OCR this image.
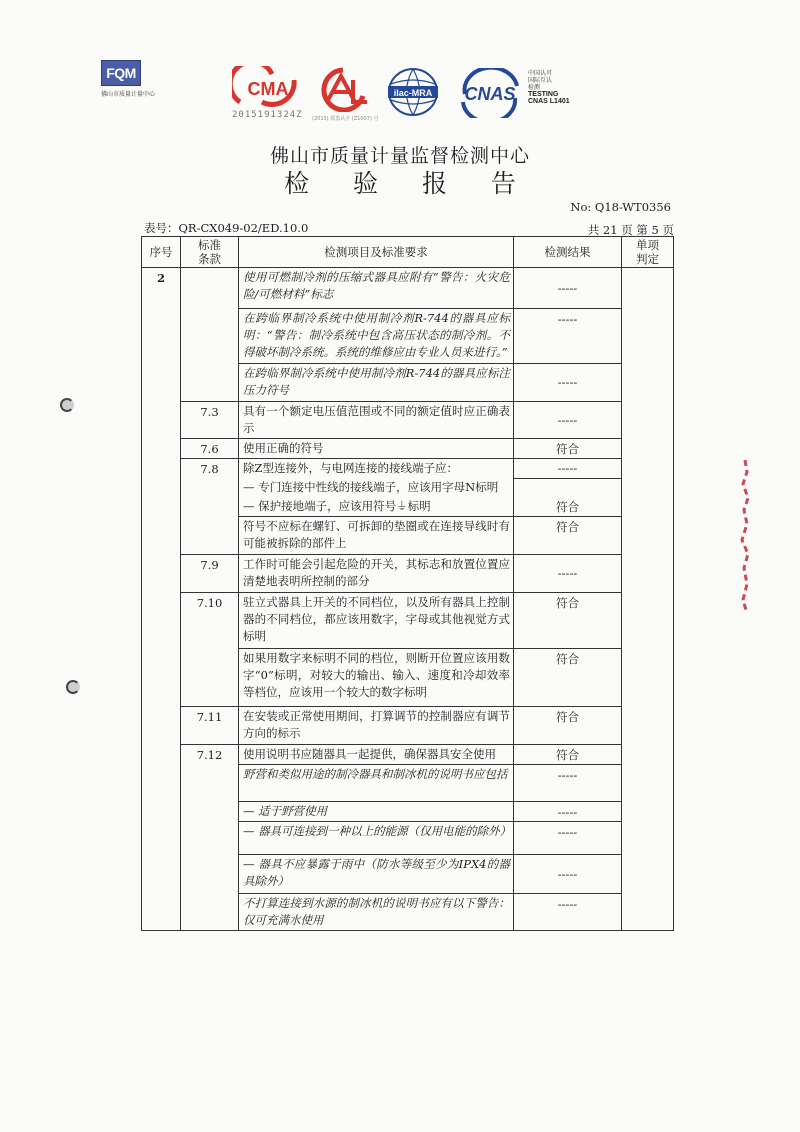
FQM
佛山市质量计量中心	CMA
2015191324Z (2015) 质监认字 (Z1007) 号
ilac-MRA CNAS
中国认可
国际互认
检测
TESTING
CNAS L1401
佛山市质量计量监督检测中心
检 验 报 告
No: Q18-WT0356
表号：QR-CX049-02/ED.10.0	共 21 页 第 5 页
序号	标准条款	检测项目及标准要求	检测结果	单项判定
2		使用可燃制冷剂的压缩式器具应附有“警告：火灾危险/可燃材料”标志	-----	
		在跨临界制冷系统中使用制冷剂R-744的器具应标明：“警告：制冷系统中包含高压状态的制冷剂。不得破坏制冷系统。系统的维修应由专业人员来进行。”	-----	
		在跨临界制冷系统中使用制冷剂R-744的器具应标注压力符号	-----	
	7.3	具有一个额定电压值范围或不同的额定值时应正确表示	-----	
	7.6	使用正确的符号	符合	
	7.8	除Z型连接外，与电网连接的接线端子应：	-----	
		— 专门连接中性线的接线端子，应该用字母N标明		
		— 保护接地端子，应该用符号⏚标明	符合	
		符号不应标在螺钉、可拆卸的垫圈或在连接导线时有可能被拆除的部件上	符合	
	7.9	工作时可能会引起危险的开关，其标志和放置位置应清楚地表明所控制的部分	-----	
	7.10	驻立式器具上开关的不同档位，以及所有器具上控制器的不同档位，都应该用数字，字母或其他视觉方式标明	符合	
		如果用数字来标明不同的档位，则断开位置应该用数字“0”标明，对较大的输出、输入、速度和冷却效率等档位，应该用一个较大的数字标明	符合	
	7.11	在安装或正常使用期间，打算调节的控制器应有调节方向的标示	符合	
	7.12	使用说明书应随器具一起提供，确保器具安全使用	符合	
		野营和类似用途的制冷器具和制冰机的说明书应包括	-----	
		— 适于野营使用	-----	
		— 器具可连接到一种以上的能源（仅用电能的除外）	-----	
		— 器具不应暴露于雨中（防水等级至少为IPX4的器具除外）	-----	
		不打算连接到水源的制冰机的说明书应有以下警告：仅可充满水使用	-----	
